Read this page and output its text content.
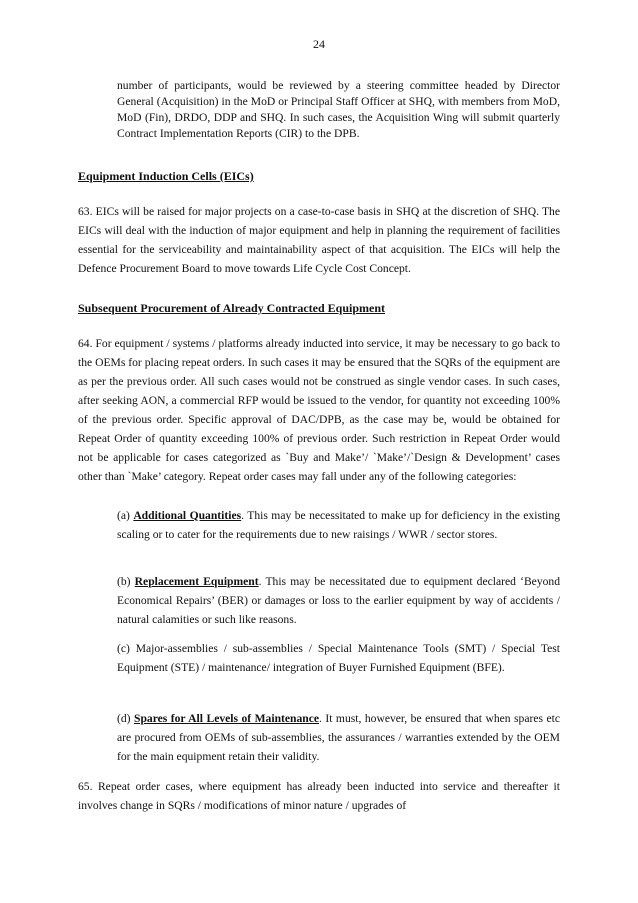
24
number of participants, would be reviewed by a steering committee headed by Director General (Acquisition) in the MoD or Principal Staff Officer at SHQ, with members from MoD, MoD (Fin), DRDO, DDP and SHQ. In such cases, the Acquisition Wing will submit quarterly Contract Implementation Reports (CIR) to the DPB.
Equipment Induction Cells (EICs)
63. EICs will be raised for major projects on a case-to-case basis in SHQ at the discretion of SHQ. The EICs will deal with the induction of major equipment and help in planning the requirement of facilities essential for the serviceability and maintainability aspect of that acquisition. The EICs will help the Defence Procurement Board to move towards Life Cycle Cost Concept.
Subsequent Procurement of Already Contracted Equipment
64. For equipment / systems / platforms already inducted into service, it may be necessary to go back to the OEMs for placing repeat orders. In such cases it may be ensured that the SQRs of the equipment are as per the previous order. All such cases would not be construed as single vendor cases. In such cases, after seeking AON, a commercial RFP would be issued to the vendor, for quantity not exceeding 100% of the previous order. Specific approval of DAC/DPB, as the case may be, would be obtained for Repeat Order of quantity exceeding 100% of previous order. Such restriction in Repeat Order would not be applicable for cases categorized as `Buy and Make’/ `Make’/`Design & Development’ cases other than `Make’ category. Repeat order cases may fall under any of the following categories:
(a) Additional Quantities. This may be necessitated to make up for deficiency in the existing scaling or to cater for the requirements due to new raisings / WWR / sector stores.
(b) Replacement Equipment. This may be necessitated due to equipment declared ‘Beyond Economical Repairs’ (BER) or damages or loss to the earlier equipment by way of accidents / natural calamities or such like reasons.
(c) Major-assemblies / sub-assemblies / Special Maintenance Tools (SMT) / Special Test Equipment (STE) / maintenance/ integration of Buyer Furnished Equipment (BFE).
(d) Spares for All Levels of Maintenance. It must, however, be ensured that when spares etc are procured from OEMs of sub-assemblies, the assurances / warranties extended by the OEM for the main equipment retain their validity.
65. Repeat order cases, where equipment has already been inducted into service and thereafter it involves change in SQRs / modifications of minor nature / upgrades of
